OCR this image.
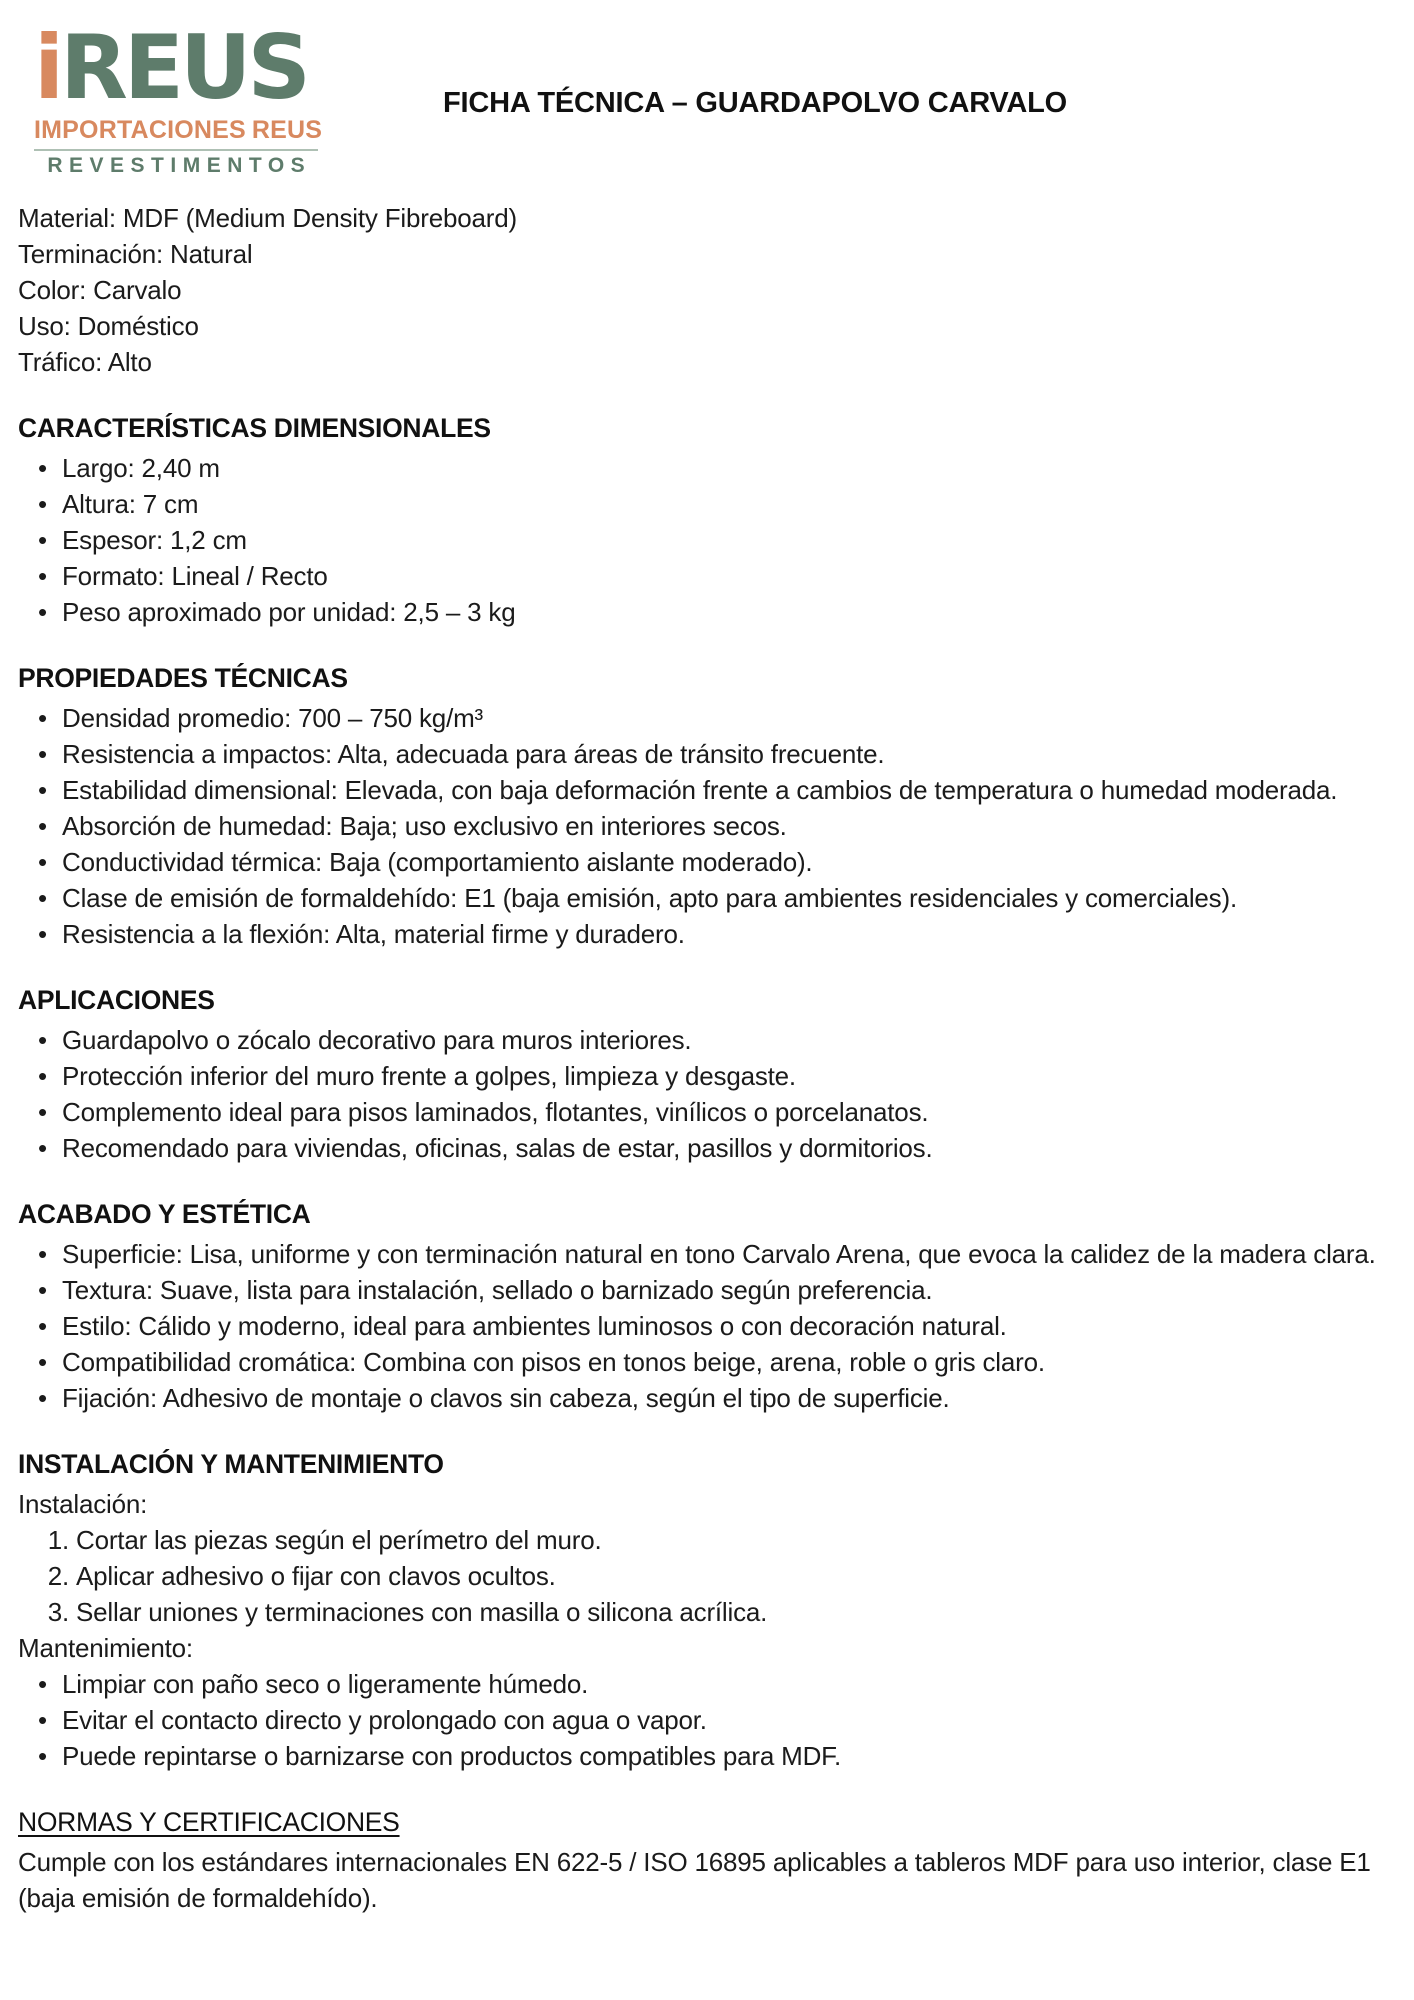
iREUS
IMPORTACIONES REUS
REVESTIMENTOS
FICHA TÉCNICA – GUARDAPOLVO CARVALO
Material: MDF (Medium Density Fibreboard)
Terminación: Natural
Color: Carvalo
Uso: Doméstico
Tráfico: Alto
CARACTERÍSTICAS DIMENSIONALES
• Largo: 2,40 m
• Altura: 7 cm
• Espesor: 1,2 cm
• Formato: Lineal / Recto
• Peso aproximado por unidad: 2,5 – 3 kg
PROPIEDADES TÉCNICAS
• Densidad promedio: 700 – 750 kg/m³
• Resistencia a impactos: Alta, adecuada para áreas de tránsito frecuente.
• Estabilidad dimensional: Elevada, con baja deformación frente a cambios de temperatura o humedad moderada.
• Absorción de humedad: Baja; uso exclusivo en interiores secos.
• Conductividad térmica: Baja (comportamiento aislante moderado).
• Clase de emisión de formaldehído: E1 (baja emisión, apto para ambientes residenciales y comerciales).
• Resistencia a la flexión: Alta, material firme y duradero.
APLICACIONES
• Guardapolvo o zócalo decorativo para muros interiores.
• Protección inferior del muro frente a golpes, limpieza y desgaste.
• Complemento ideal para pisos laminados, flotantes, vinílicos o porcelanatos.
• Recomendado para viviendas, oficinas, salas de estar, pasillos y dormitorios.
ACABADO Y ESTÉTICA
• Superficie: Lisa, uniforme y con terminación natural en tono Carvalo Arena, que evoca la calidez de la madera clara.
• Textura: Suave, lista para instalación, sellado o barnizado según preferencia.
• Estilo: Cálido y moderno, ideal para ambientes luminosos o con decoración natural.
• Compatibilidad cromática: Combina con pisos en tonos beige, arena, roble o gris claro.
• Fijación: Adhesivo de montaje o clavos sin cabeza, según el tipo de superficie.
INSTALACIÓN Y MANTENIMIENTO
Instalación:
1. Cortar las piezas según el perímetro del muro.
2. Aplicar adhesivo o fijar con clavos ocultos.
3. Sellar uniones y terminaciones con masilla o silicona acrílica.
Mantenimiento:
• Limpiar con paño seco o ligeramente húmedo.
• Evitar el contacto directo y prolongado con agua o vapor.
• Puede repintarse o barnizarse con productos compatibles para MDF.
NORMAS Y CERTIFICACIONES

Cumple con los estándares internacionales EN 622-5 / ISO 16895 aplicables a tableros MDF para uso interior, clase E1 (baja emisión de formaldehído).
